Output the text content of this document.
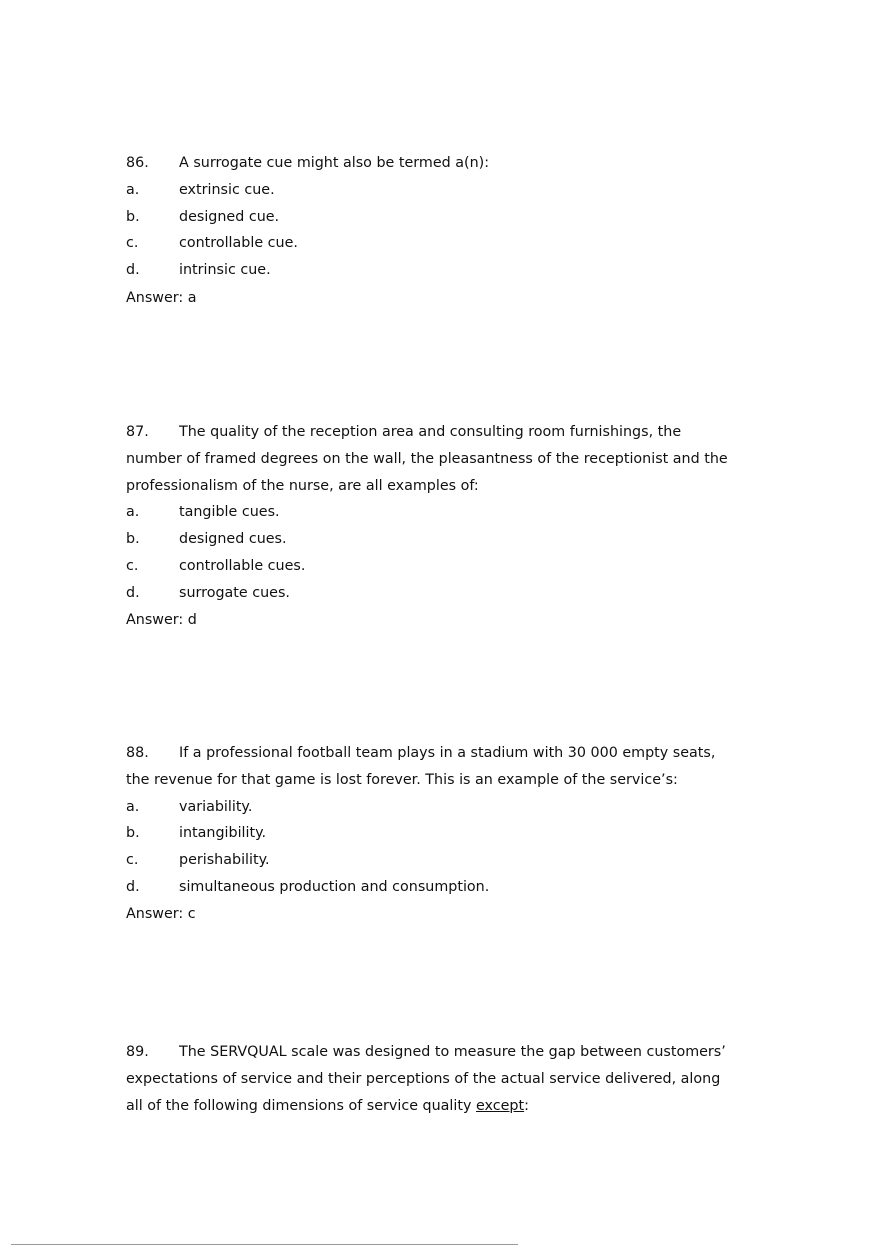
86.	A surrogate cue might also be termed a(n):
a.	extrinsic cue.
b.	designed cue.
c.	controllable cue.
d.	intrinsic cue.
Answer: a
87.	The quality of the reception area and consulting room furnishings, the
number of framed degrees on the wall, the pleasantness of the receptionist and the
professionalism of the nurse, are all examples of:
a.	tangible cues.
b.	designed cues.
c.	controllable cues.
d.	surrogate cues.
Answer: d
88.	If a professional football team plays in a stadium with 30 000 empty seats,
the revenue for that game is lost forever. This is an example of the service’s:
a.	variability.
b.	intangibility.
c.	perishability.
d.	simultaneous production and consumption.
Answer: c
89.	The SERVQUAL scale was designed to measure the gap between customers’
expectations of service and their perceptions of the actual service delivered, along
all of the following dimensions of service quality except :
